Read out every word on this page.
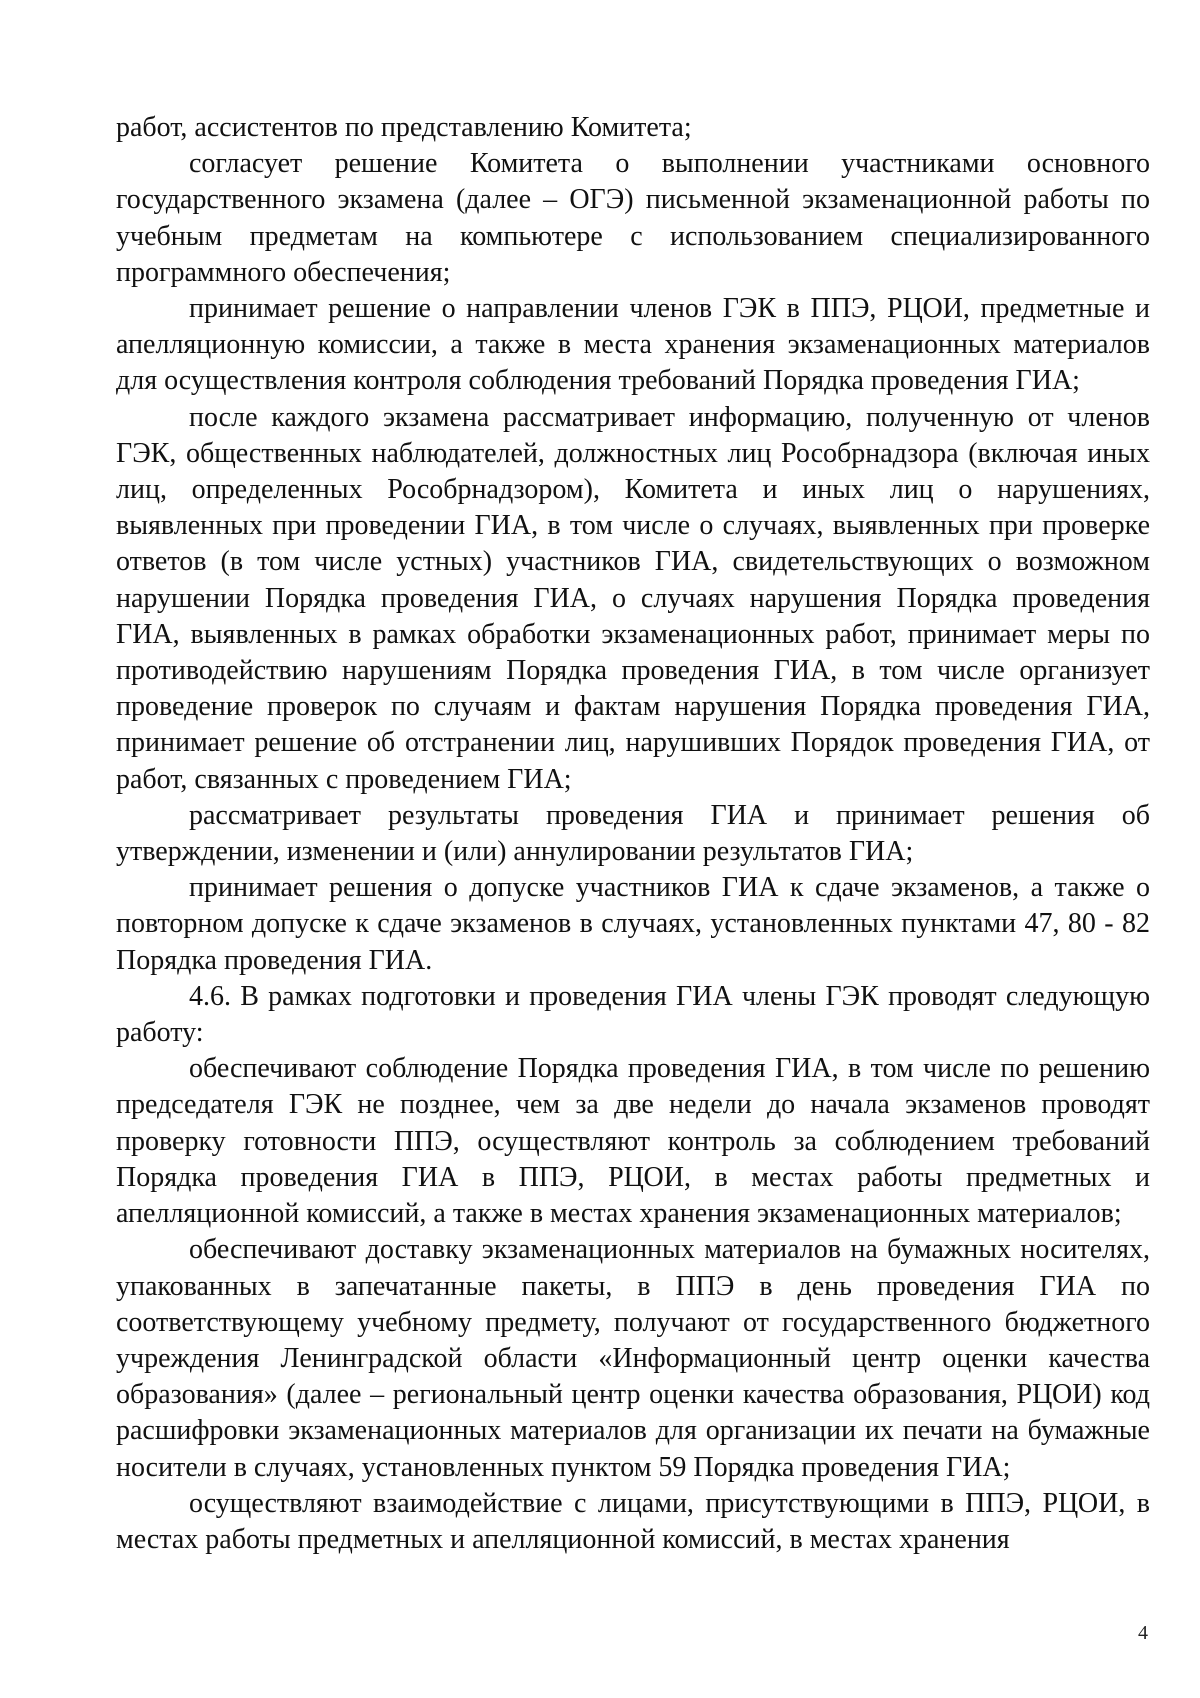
работ, ассистентов по представлению Комитета;

согласует решение Комитета о выполнении участниками основного государственного экзамена (далее – ОГЭ) письменной экзаменационной работы по учебным предметам на компьютере с использованием специализированного программного обеспечения;

принимает решение о направлении членов ГЭК в ППЭ, РЦОИ, предметные и апелляционную комиссии, а также в места хранения экзаменационных материалов для осуществления контроля соблюдения требований Порядка проведения ГИА;

после каждого экзамена рассматривает информацию, полученную от членов ГЭК, общественных наблюдателей, должностных лиц Рособрнадзора (включая иных лиц, определенных Рособрнадзором), Комитета и иных лиц о нарушениях, выявленных при проведении ГИА, в том числе о случаях, выявленных при проверке ответов (в том числе устных) участников ГИА, свидетельствующих о возможном нарушении Порядка проведения ГИА, о случаях нарушения Порядка проведения ГИА, выявленных в рамках обработки экзаменационных работ, принимает меры по противодействию нарушениям Порядка проведения ГИА, в том числе организует проведение проверок по случаям и фактам нарушения Порядка проведения ГИА, принимает решение об отстранении лиц, нарушивших Порядок проведения ГИА, от работ, связанных с проведением ГИА;

рассматривает результаты проведения ГИА и принимает решения об утверждении, изменении и (или) аннулировании результатов ГИА;

принимает решения о допуске участников ГИА к сдаче экзаменов, а также о повторном допуске к сдаче экзаменов в случаях, установленных пунктами 47, 80 - 82 Порядка проведения ГИА.

4.6. В рамках подготовки и проведения ГИА члены ГЭК проводят следующую работу:

обеспечивают соблюдение Порядка проведения ГИА, в том числе по решению председателя ГЭК не позднее, чем за две недели до начала экзаменов проводят проверку готовности ППЭ, осуществляют контроль за соблюдением требований Порядка проведения ГИА в ППЭ, РЦОИ, в местах работы предметных и апелляционной комиссий, а также в местах хранения экзаменационных материалов;

обеспечивают доставку экзаменационных материалов на бумажных носителях, упакованных в запечатанные пакеты, в ППЭ в день проведения ГИА по соответствующему учебному предмету, получают от государственного бюджетного учреждения Ленинградской области «Информационный центр оценки качества образования» (далее – региональный центр оценки качества образования, РЦОИ) код расшифровки экзаменационных материалов для организации их печати на бумажные носители в случаях, установленных пунктом 59 Порядка проведения ГИА;

осуществляют взаимодействие с лицами, присутствующими в ППЭ, РЦОИ, в местах работы предметных и апелляционной комиссий, в местах хранения

4
